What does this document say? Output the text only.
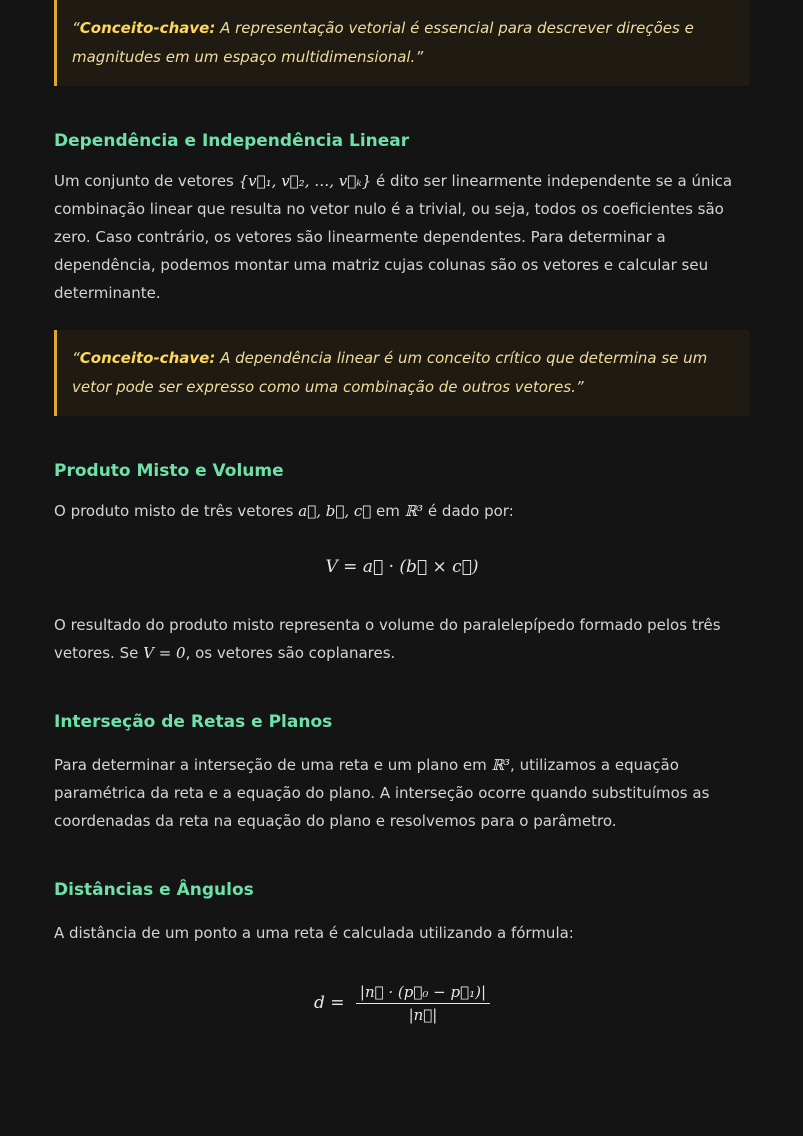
“Conceito-chave: A representação vetorial é essencial para descrever direções e magnitudes em um espaço multidimensional.”
Dependência e Independência Linear

Um conjunto de vetores {v⃗₁, v⃗₂, …, v⃗ₖ} é dito ser linearmente independente se a única combinação linear que resulta no vetor nulo é a trivial, ou seja, todos os coeficientes são zero. Caso contrário, os vetores são linearmente dependentes. Para determinar a dependência, podemos montar uma matriz cujas colunas são os vetores e calcular seu determinante.

“Conceito-chave: A dependência linear é um conceito crítico que determina se um vetor pode ser expresso como uma combinação de outros vetores.”
Produto Misto e Volume

O produto misto de três vetores a⃗, b⃗, c⃗ em ℝ³ é dado por:

V = a⃗ · (b⃗ × c⃗)

O resultado do produto misto representa o volume do paralelepípedo formado pelos três vetores. Se V = 0, os vetores são coplanares.

Interseção de Retas e Planos

Para determinar a interseção de uma reta e um plano em ℝ³, utilizamos a equação paramétrica da reta e a equação do plano. A interseção ocorre quando substituímos as coordenadas da reta na equação do plano e resolvemos para o parâmetro.

Distâncias e Ângulos

A distância de um ponto a uma reta é calculada utilizando a fórmula:

$d = \frac{\text{|n⃗ · (p⃗₀ − p⃗₁)|}}{|n⃗|}$
